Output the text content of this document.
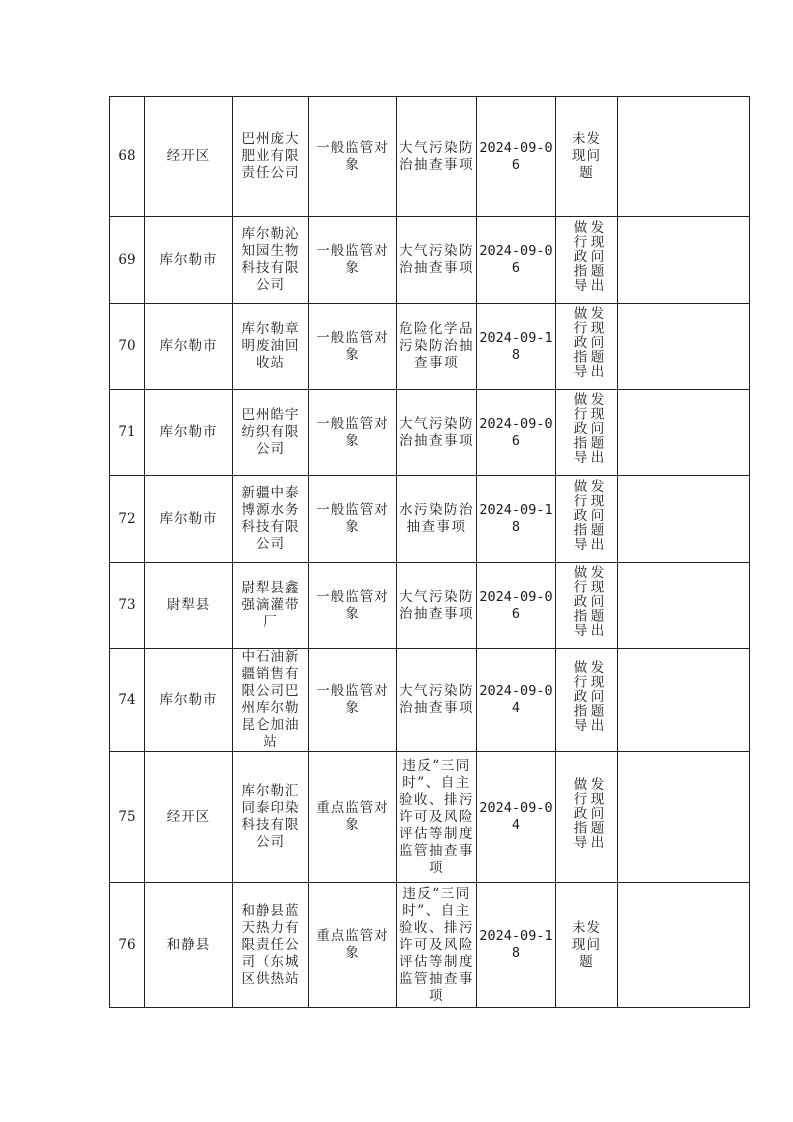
68	经开区	巴州庞大肥业有限责任公司	一般监管对象	大气污染防治抽查事项	2024-09-06	未发现问题	
69	库尔勒市	库尔勒沁知园生物科技有限公司	一般监管对象	大气污染防治抽查事项	2024-09-06	发现问题出做行政指导	
70	库尔勒市	库尔勒章明废油回收站	一般监管对象	危险化学品污染防治抽查事项	2024-09-18	发现问题出做行政指导	
71	库尔勒市	巴州皓宇纺织有限公司	一般监管对象	大气污染防治抽查事项	2024-09-06	发现问题出做行政指导	
72	库尔勒市	新疆中泰博源水务科技有限公司	一般监管对象	水污染防治抽查事项	2024-09-18	发现问题出做行政指导	
73	尉犁县	尉犁县鑫强滴灌带厂	一般监管对象	大气污染防治抽查事项	2024-09-06	发现问题出做行政指导	
74	库尔勒市	中石油新疆销售有限公司巴州库尔勒昆仑加油站	一般监管对象	大气污染防治抽查事项	2024-09-04	发现问题出做行政指导	
75	经开区	库尔勒汇同泰印染科技有限公司	重点监管对象	违反“三同时”、自主验收、排污许可及风险评估等制度监管抽查事项	2024-09-04	发现问题出做行政指导	
76	和静县	和静县蓝天热力有限责任公司（东城区供热站	重点监管对象	违反“三同时”、自主验收、排污许可及风险评估等制度监管抽查事项	2024-09-18	未发现问题	
